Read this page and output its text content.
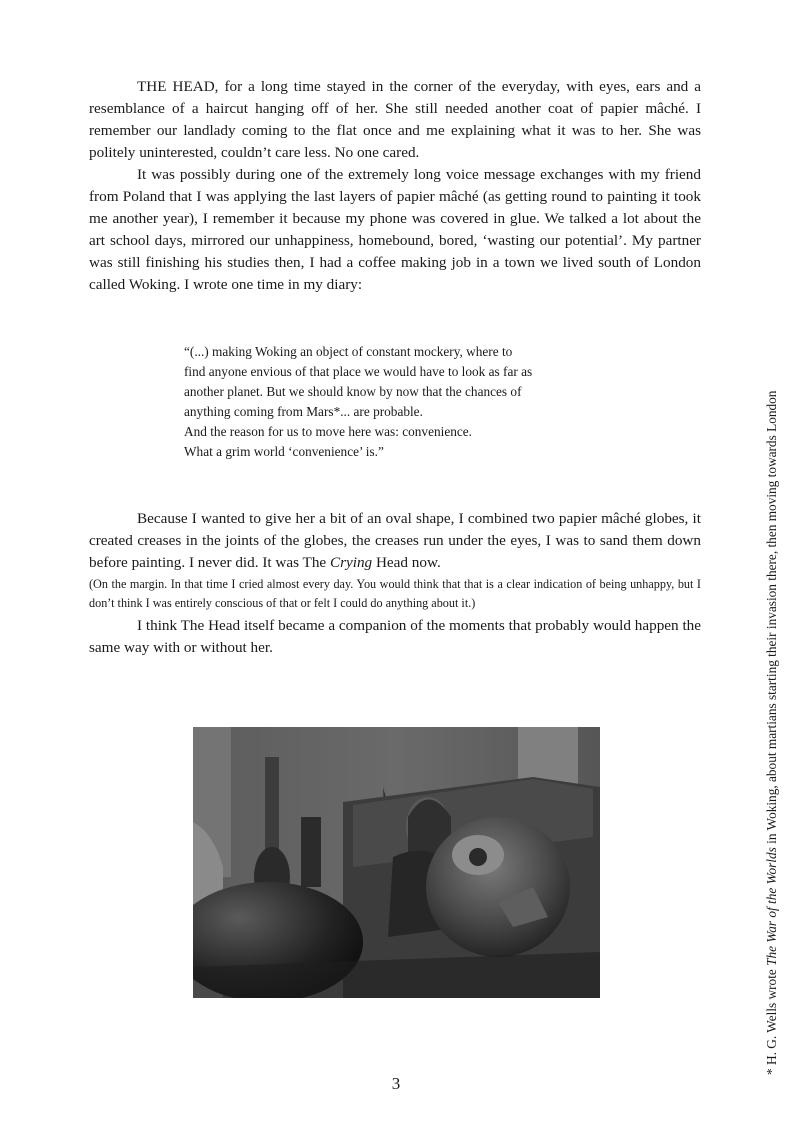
THE HEAD, for a long time stayed in the corner of the everyday, with eyes, ears and a resemblance of a haircut hanging off of her. She still needed another coat of papier mâché. I remember our landlady coming to the flat once and me explaining what it was to her. She was politely uninterested, couldn’t care less. No one cared.

It was possibly during one of the extremely long voice message exchanges with my friend from Poland that I was applying the last layers of papier mâché (as getting round to painting it took me another year), I remember it because my phone was covered in glue. We talked a lot about the art school days, mirrored our unhappiness, homebound, bored, ‘wasting our potential’. My partner was still finishing his studies then, I had a coffee making job in a town we lived south of London called Woking. I wrote one time in my diary:

“(...) making Woking an object of constant mockery, where to
find anyone envious of that place we would have to look as far as
another planet. But we should know by now that the chances of
anything coming from Mars*... are probable.
And the reason for us to move here was: convenience.
What a grim world ‘convenience’ is.”

Because I wanted to give her a bit of an oval shape, I combined two papier mâché globes, it created creases in the joints of the globes, the creases run under the eyes, I was to sand them down before painting. I never did. It was The Crying Head now.

(On the margin. In that time I cried almost every day. You would think that that is a clear indication of being unhappy, but I don’t think I was entirely conscious of that or felt I could do anything about it.)

I think The Head itself became a companion of the moments that probably would happen the same way with or without her.

3
* H. G. Wells wrote The War of the Worlds in Woking, about martians starting their invasion there, then moving towards London
